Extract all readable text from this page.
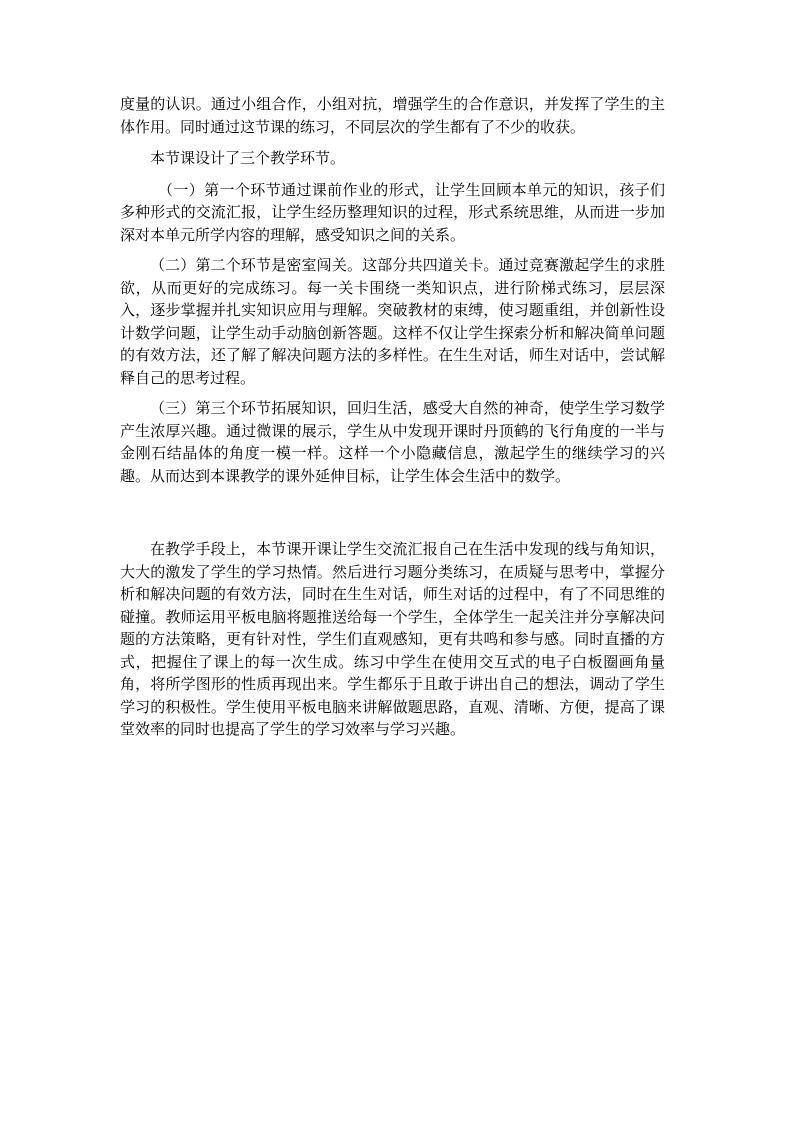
度量的认识。通过小组合作，小组对抗，增强学生的合作意识，并发挥了学生的主体作用。同时通过这节课的练习，不同层次的学生都有了不少的收获。

本节课设计了三个教学环节。

（一）第一个环节通过课前作业的形式，让学生回顾本单元的知识，孩子们多种形式的交流汇报，让学生经历整理知识的过程，形式系统思维，从而进一步加深对本单元所学内容的理解，感受知识之间的关系。

（二）第二个环节是密室闯关。这部分共四道关卡。通过竞赛激起学生的求胜欲，从而更好的完成练习。每一关卡围绕一类知识点，进行阶梯式练习，层层深入，逐步掌握并扎实知识应用与理解。突破教材的束缚，使习题重组，并创新性设计数学问题，让学生动手动脑创新答题。这样不仅让学生探索分析和解决简单问题的有效方法，还了解了解决问题方法的多样性。在生生对话，师生对话中，尝试解释自己的思考过程。

（三）第三个环节拓展知识，回归生活，感受大自然的神奇，使学生学习数学产生浓厚兴趣。通过微课的展示，学生从中发现开课时丹顶鹤的飞行角度的一半与金刚石结晶体的角度一模一样。这样一个小隐藏信息，激起学生的继续学习的兴趣。从而达到本课教学的课外延伸目标，让学生体会生活中的数学。

在教学手段上，本节课开课让学生交流汇报自己在生活中发现的线与角知识，大大的激发了学生的学习热情。然后进行习题分类练习，在质疑与思考中，掌握分析和解决问题的有效方法，同时在生生对话，师生对话的过程中，有了不同思维的碰撞。教师运用平板电脑将题推送给每一个学生，全体学生一起关注并分享解决问题的方法策略，更有针对性，学生们直观感知，更有共鸣和参与感。同时直播的方式，把握住了课上的每一次生成。练习中学生在使用交互式的电子白板圈画角量角，将所学图形的性质再现出来。学生都乐于且敢于讲出自己的想法，调动了学生学习的积极性。学生使用平板电脑来讲解做题思路，直观、清晰、方便，提高了课堂效率的同时也提高了学生的学习效率与学习兴趣。
